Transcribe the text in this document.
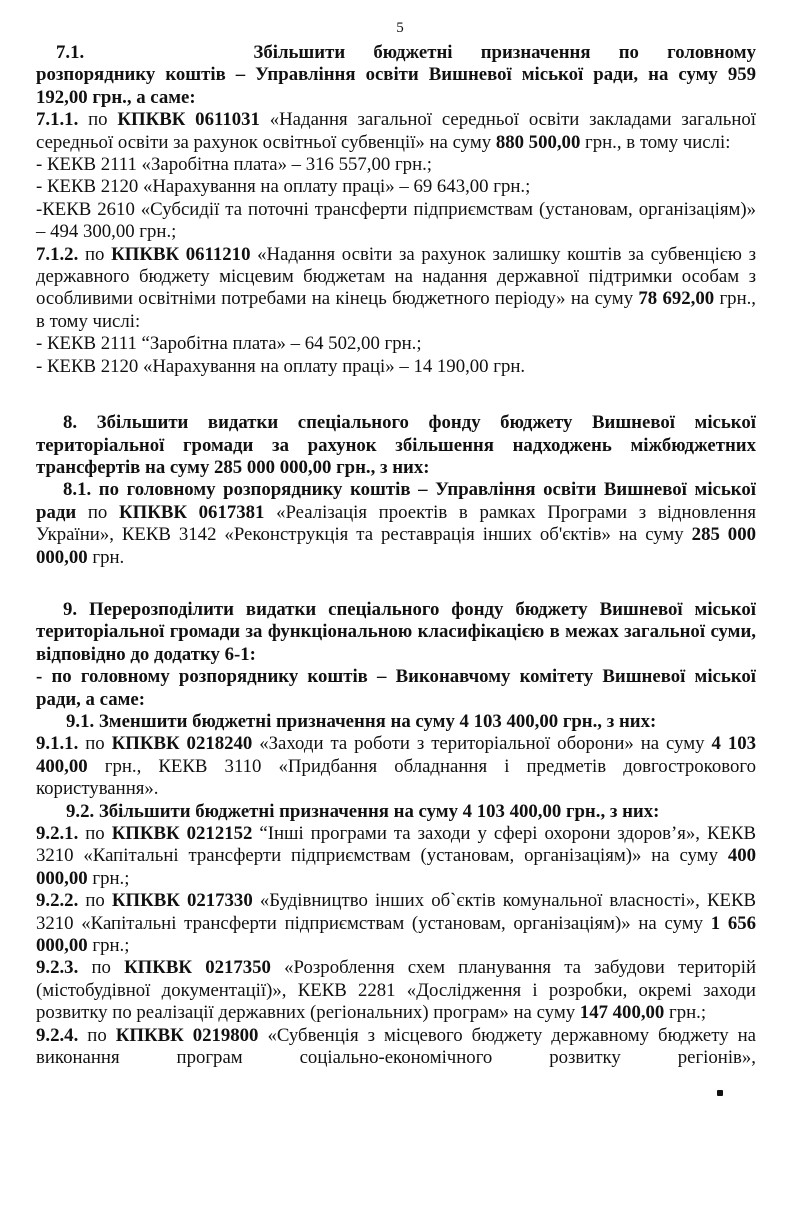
5

7.1.	Збільшити бюджетні призначення по головному

розпоряднику коштів – Управління освіти Вишневої міської ради, на суму 959 192,00 грн., а саме:

7.1.1. по КПКВК 0611031 «Надання загальної середньої освіти закладами загальної середньої освіти за рахунок освітньої субвенції» на суму 880 500,00 грн., в тому числі:

- КЕКВ 2111 «Заробітна плата» – 316 557,00 грн.;

- КЕКВ 2120 «Нарахування на оплату праці» – 69 643,00 грн.;

-КЕКВ 2610 «Субсидії та поточні трансферти підприємствам (установам, організаціям)» – 494 300,00 грн.;

7.1.2. по КПКВК 0611210 «Надання освіти за рахунок залишку коштів за субвенцією з державного бюджету місцевим бюджетам на надання державної підтримки особам з особливими освітніми потребами на кінець бюджетного періоду» на суму 78 692,00 грн., в тому числі:

- КЕКВ 2111 “Заробітна плата» – 64 502,00 грн.;

- КЕКВ 2120 «Нарахування на оплату праці» – 14 190,00 грн.

8. Збільшити видатки спеціального фонду бюджету Вишневої міської територіальної громади за рахунок збільшення надходжень міжбюджетних трансфертів на суму 285 000 000,00 грн., з них:

8.1. по головному розпоряднику коштів – Управління освіти Вишневої міської ради по КПКВК 0617381 «Реалізація проектів в рамках Програми з відновлення України», КЕКВ 3142 «Реконструкція та реставрація інших об'єктів» на суму 285 000 000,00 грн.

9. Перерозподілити видатки спеціального фонду бюджету Вишневої міської територіальної громади за функціональною класифікацією в межах загальної суми, відповідно до додатку 6-1:

- по головному розпоряднику коштів – Виконавчому комітету Вишневої міської ради, а саме:

9.1. Зменшити бюджетні призначення на суму 4 103 400,00 грн., з них:

9.1.1. по КПКВК 0218240 «Заходи та роботи з територіальної оборони» на суму 4 103 400,00 грн., КЕКВ 3110 «Придбання обладнання і предметів довгострокового користування».

9.2. Збільшити бюджетні призначення на суму 4 103 400,00 грн., з них:

9.2.1. по КПКВК 0212152 “Інші програми та заходи у сфері охорони здоров’я», КЕКВ 3210 «Капітальні трансферти підприємствам (установам, організаціям)» на суму 400 000,00 грн.;

9.2.2. по КПКВК 0217330 «Будівництво інших об`єктів комунальної власності», КЕКВ 3210 «Капітальні трансферти підприємствам (установам, організаціям)» на суму 1 656 000,00 грн.;

9.2.3. по КПКВК 0217350 «Розроблення схем планування та забудови територій (містобудівної документації)», КЕКВ 2281 «Дослідження і розробки, окремі заходи розвитку по реалізації державних (регіональних) програм» на суму 147 400,00 грн.;

9.2.4. по КПКВК 0219800 «Субвенція з місцевого бюджету державному бюджету на виконання програм соціально-економічного розвитку регіонів»,
